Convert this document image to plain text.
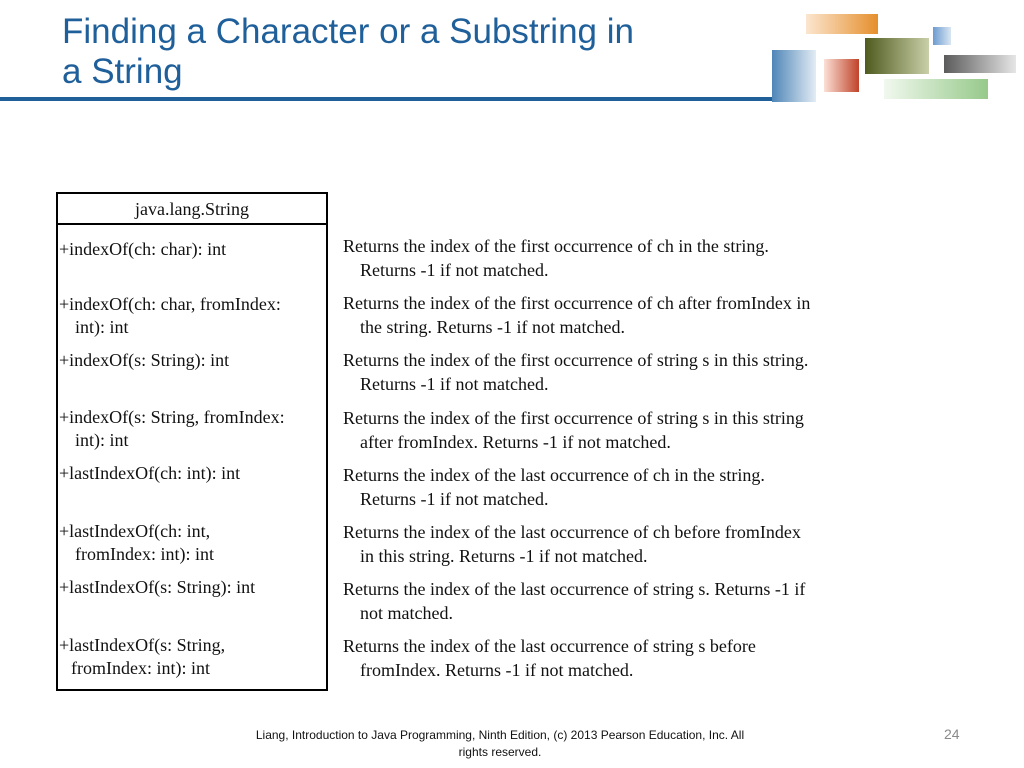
Finding a Character or a Substring in
a String
java.lang.String
+indexOf(ch: char): int
+indexOf(ch: char, fromIndex:
int): int
+indexOf(s: String): int
+indexOf(s: String, fromIndex:
int): int
+lastIndexOf(ch: int): int
+lastIndexOf(ch: int,
fromIndex: int): int
+lastIndexOf(s: String): int
+lastIndexOf(s: String,
fromIndex: int): int
Returns the index of the first occurrence of ch in the string.
Returns -1 if not matched.
Returns the index of the first occurrence of ch after fromIndex in
the string. Returns -1 if not matched.
Returns the index of the first occurrence of string s in this string.
Returns -1 if not matched.
Returns the index of the first occurrence of string s in this string
after fromIndex. Returns -1 if not matched.
Returns the index of the last occurrence of ch in the string.
Returns -1 if not matched.
Returns the index of the last occurrence of ch before fromIndex
in this string. Returns -1 if not matched.
Returns the index of the last occurrence of string s. Returns -1 if
not matched.
Returns the index of the last occurrence of string s before
fromIndex. Returns -1 if not matched.
Liang, Introduction to Java Programming, Ninth Edition, (c) 2013 Pearson Education, Inc. All
rights reserved.
24
